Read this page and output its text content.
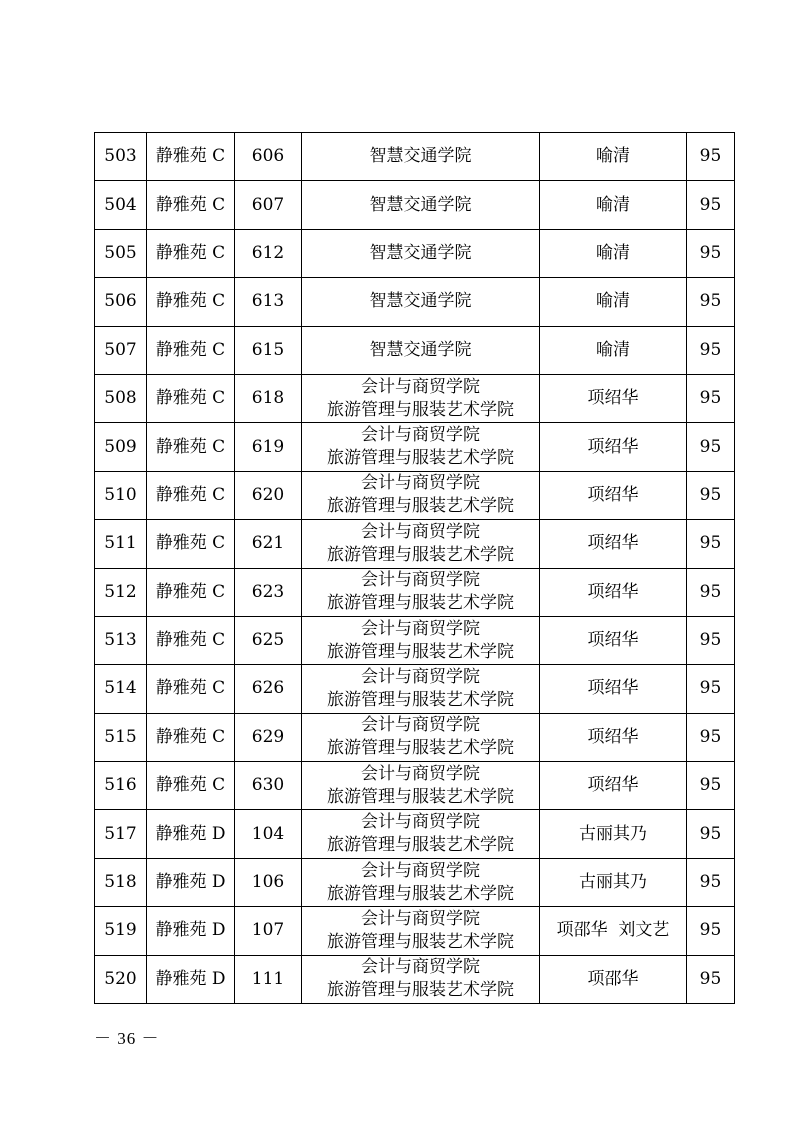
503	静雅苑 C	606	智慧交通学院	喻清	95
504	静雅苑 C	607	智慧交通学院	喻清	95
505	静雅苑 C	612	智慧交通学院	喻清	95
506	静雅苑 C	613	智慧交通学院	喻清	95
507	静雅苑 C	615	智慧交通学院	喻清	95
508	静雅苑 C	618	会计与商贸学院
旅游管理与服装艺术学院	项绍华	95
509	静雅苑 C	619	会计与商贸学院
旅游管理与服装艺术学院	项绍华	95
510	静雅苑 C	620	会计与商贸学院
旅游管理与服装艺术学院	项绍华	95
511	静雅苑 C	621	会计与商贸学院
旅游管理与服装艺术学院	项绍华	95
512	静雅苑 C	623	会计与商贸学院
旅游管理与服装艺术学院	项绍华	95
513	静雅苑 C	625	会计与商贸学院
旅游管理与服装艺术学院	项绍华	95
514	静雅苑 C	626	会计与商贸学院
旅游管理与服装艺术学院	项绍华	95
515	静雅苑 C	629	会计与商贸学院
旅游管理与服装艺术学院	项绍华	95
516	静雅苑 C	630	会计与商贸学院
旅游管理与服装艺术学院	项绍华	95
517	静雅苑 D	104	会计与商贸学院
旅游管理与服装艺术学院	古丽其乃	95
518	静雅苑 D	106	会计与商贸学院
旅游管理与服装艺术学院	古丽其乃	95
519	静雅苑 D	107	会计与商贸学院
旅游管理与服装艺术学院	项邵华  刘文艺	95
520	静雅苑 D	111	会计与商贸学院
旅游管理与服装艺术学院	项邵华	95
－ 36 －
